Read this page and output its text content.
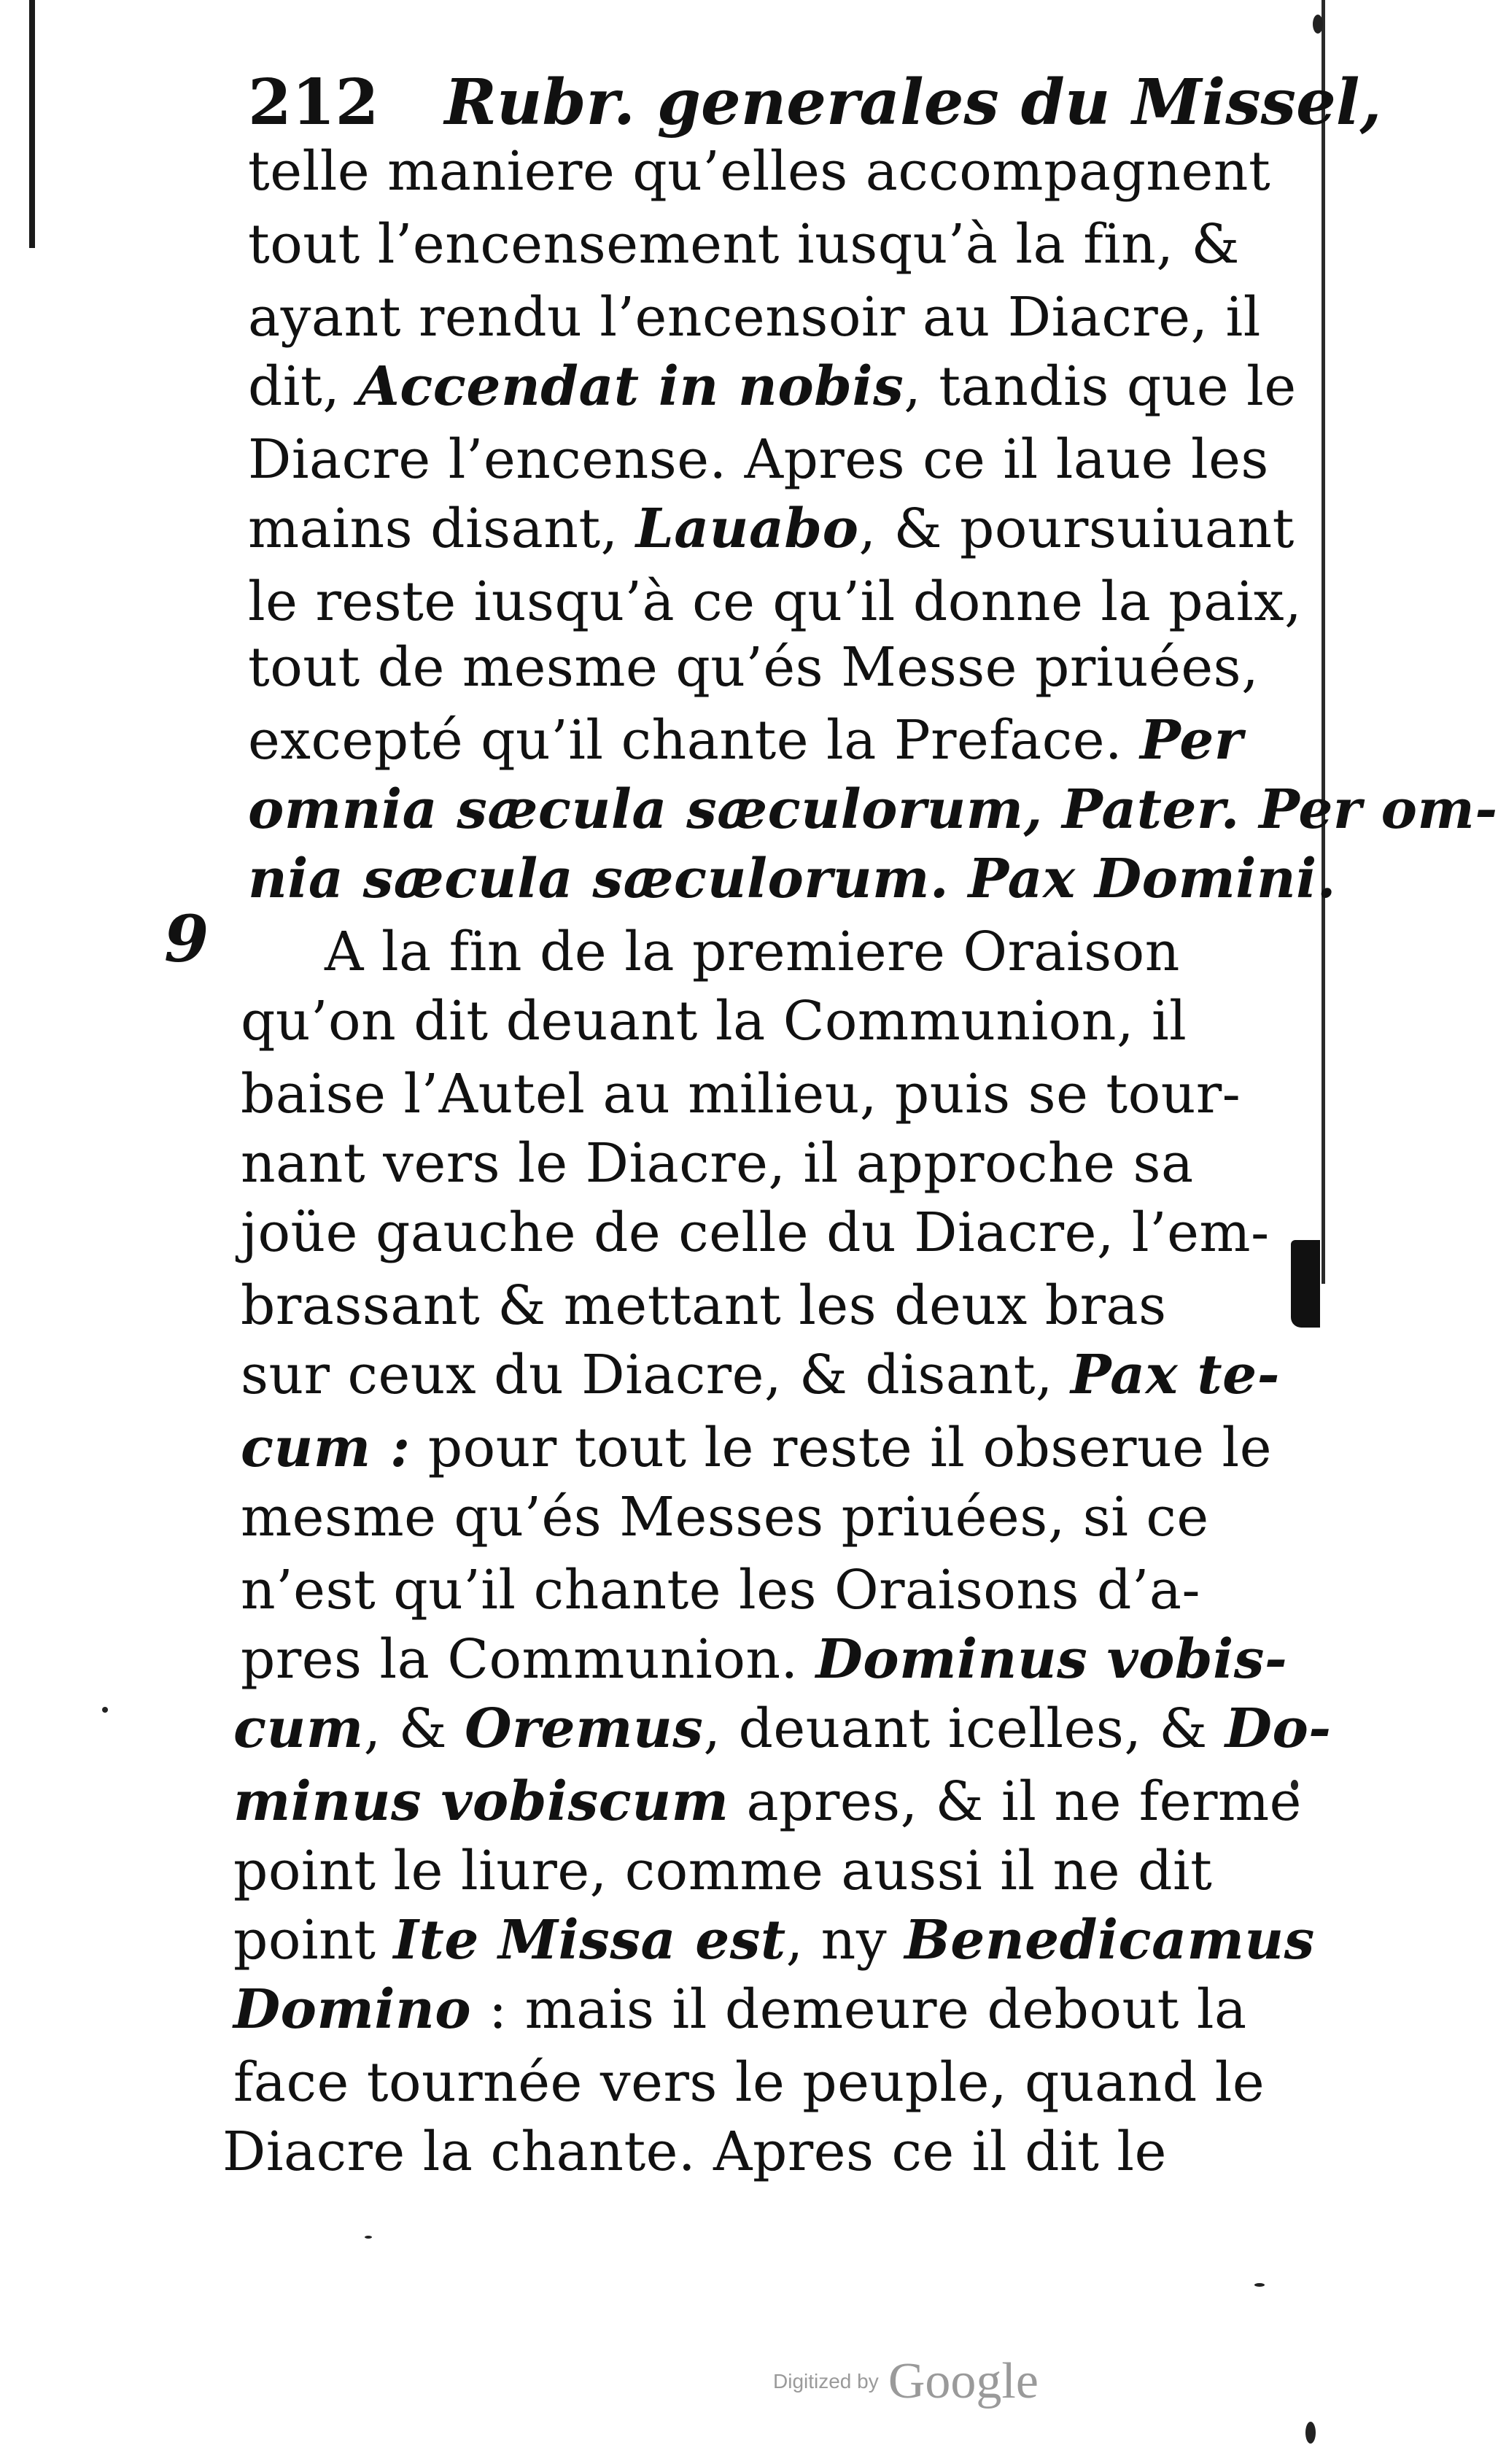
212 Rubr. generales du Missel,
9
telle maniere qu’elles accompagnent
tout l’encensement iusqu’à la fin, &
ayant rendu l’encensoir au Diacre, il
dit, Accendat in nobis, tandis que le
Diacre l’encense. Apres ce il laue les
mains disant, Lauabo, & poursuiuant
le reste iusqu’à ce qu’il donne la paix,
tout de mesme qu’és Messe priuées,
excepté qu’il chante la Preface. Per
omnia sæcula sæculorum, Pater. Per om-
nia sæcula sæculorum. Pax Domini.
A la fin de la premiere Oraison
qu’on dit deuant la Communion, il
baise l’Autel au milieu, puis se tour-
nant vers le Diacre, il approche sa
joüe gauche de celle du Diacre, l’em-
brassant & mettant les deux bras
sur ceux du Diacre, & disant, Pax te-
cum : pour tout le reste il obserue le
mesme qu’és Messes priuées, si ce
n’est qu’il chante les Oraisons d’a-
pres la Communion. Dominus vobis-
cum, & Oremus, deuant icelles, & Do-
minus vobiscum apres, & il ne ferme
point le liure, comme aussi il ne dit
point Ite Missa est, ny Benedicamus
Domino : mais il demeure debout la
face tournée vers le peuple, quand le
Diacre la chante. Apres ce il dit le
Digitized by Google
